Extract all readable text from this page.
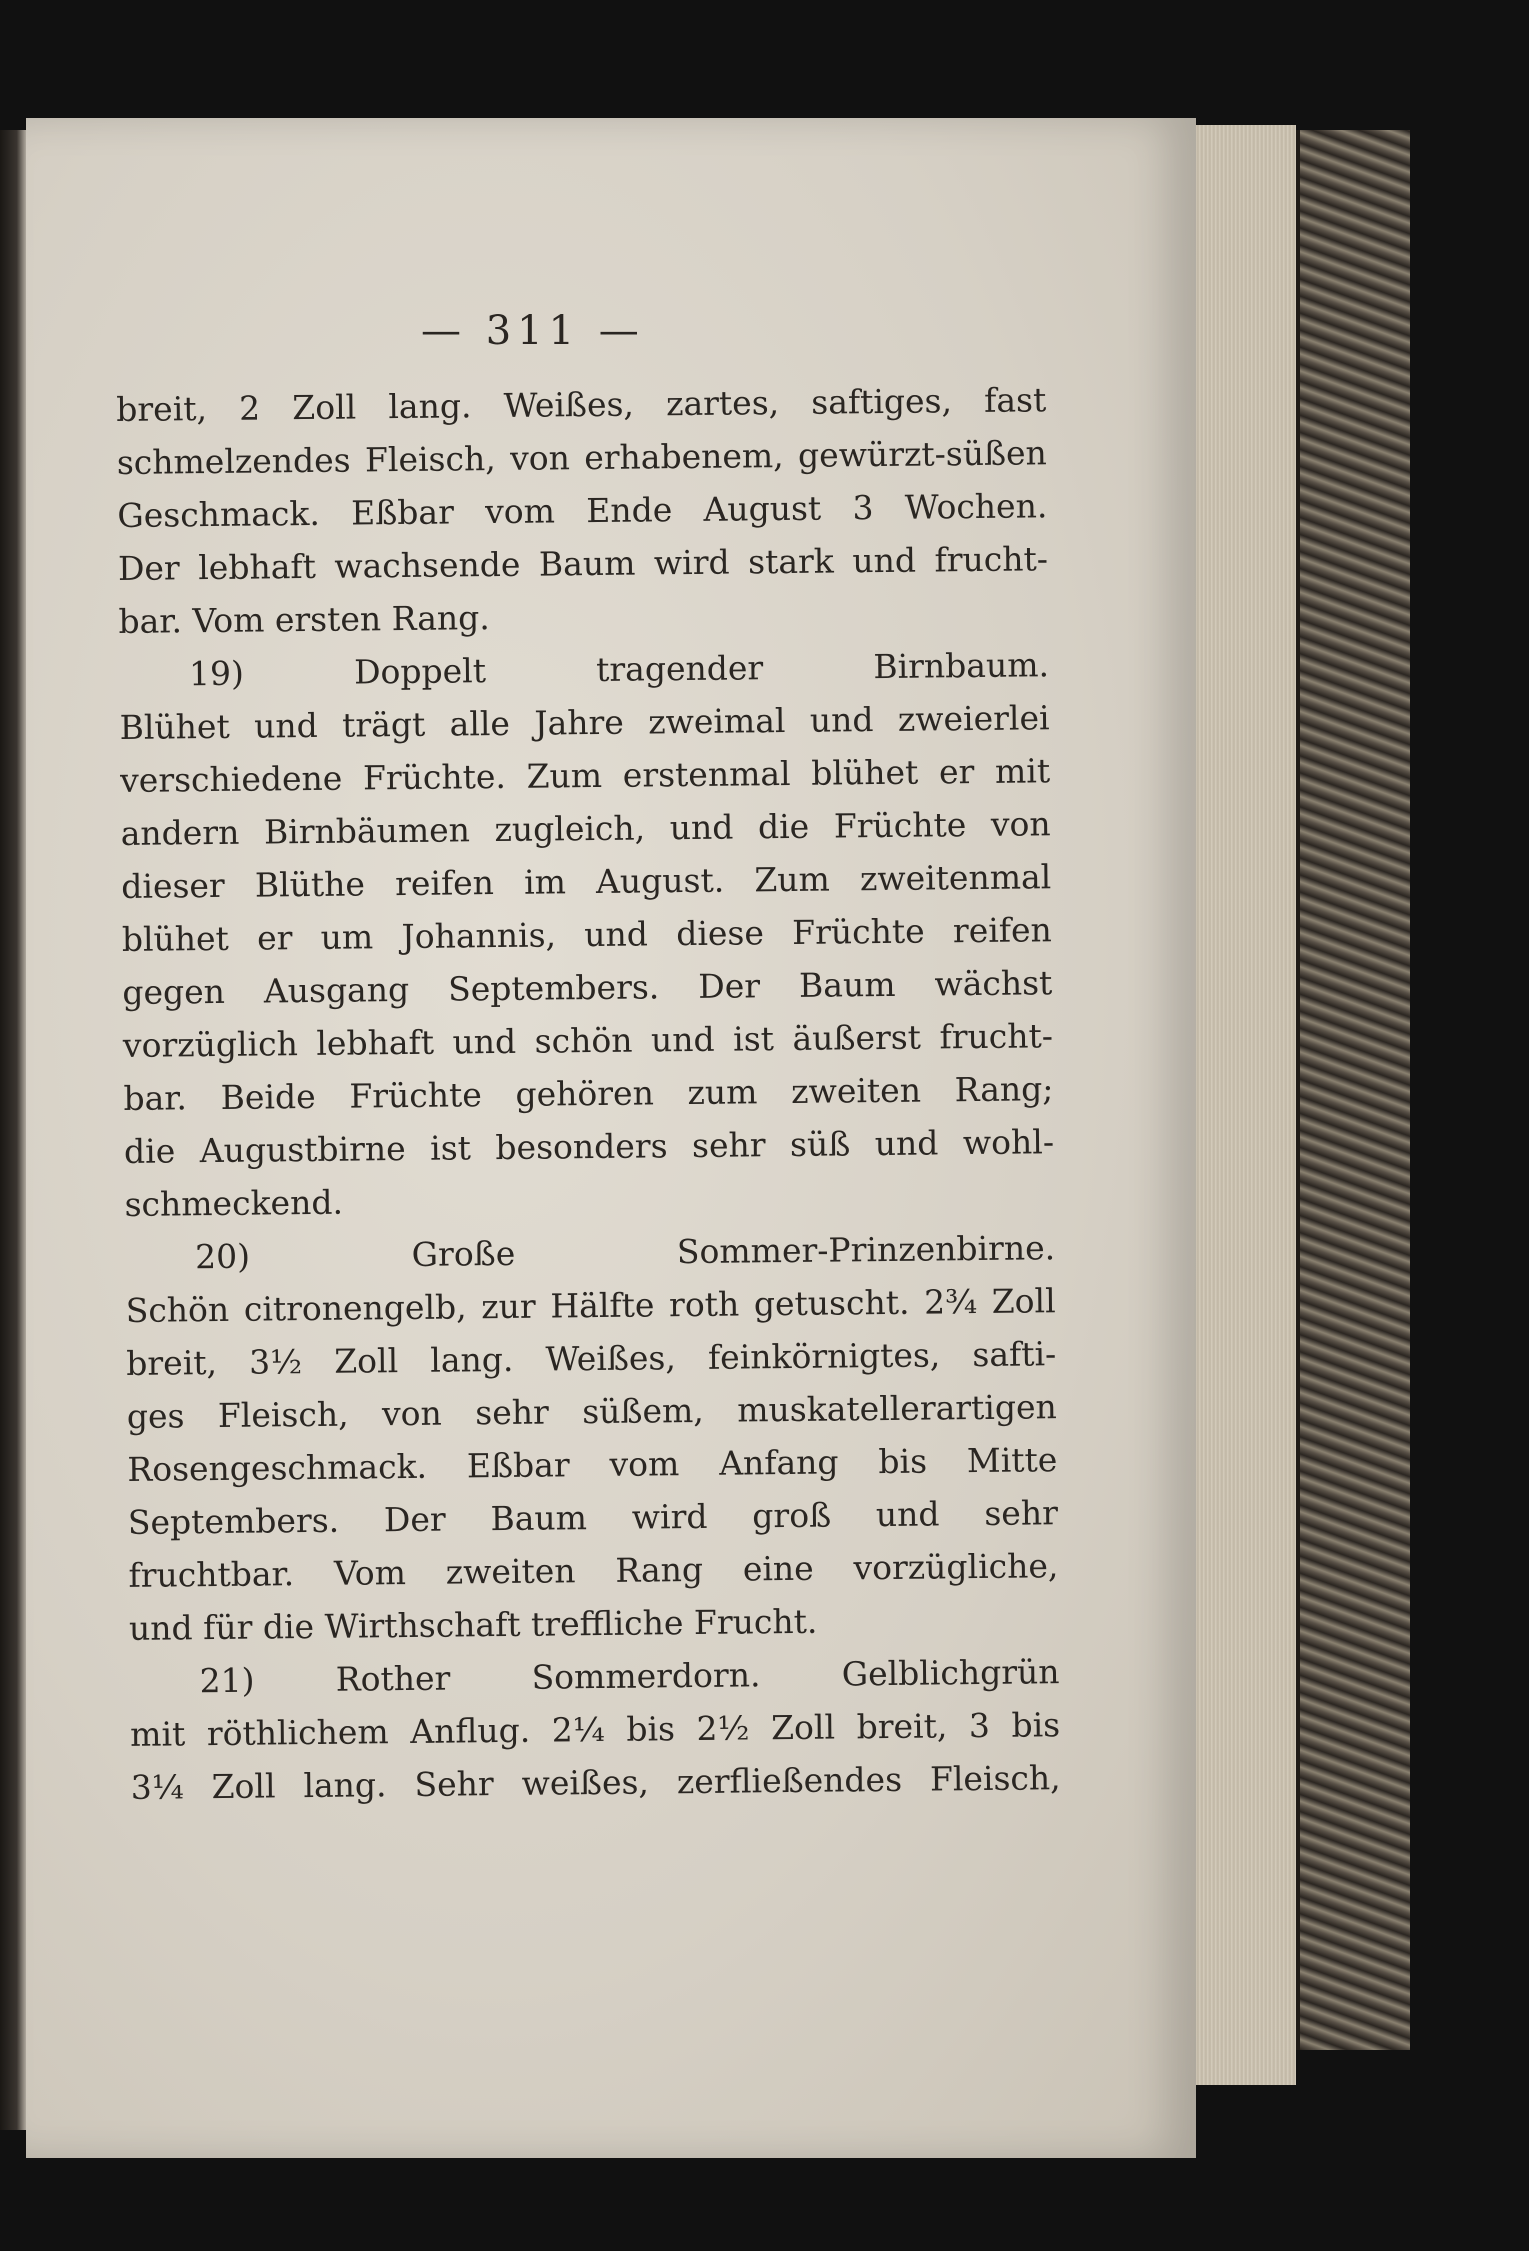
— 311 —
breit, 2 Zoll lang. Weißes, zartes, saftiges, fast
schmelzendes Fleisch, von erhabenem, gewürzt-süßen
Geschmack. Eßbar vom Ende August 3 Wochen.
Der lebhaft wachsende Baum wird stark und frucht-
bar. Vom ersten Rang.
19) Doppelt tragender Birnbaum.
Blühet und trägt alle Jahre zweimal und zweierlei
verschiedene Früchte. Zum erstenmal blühet er mit
andern Birnbäumen zugleich, und die Früchte von
dieser Blüthe reifen im August. Zum zweitenmal
blühet er um Johannis, und diese Früchte reifen
gegen Ausgang Septembers. Der Baum wächst
vorzüglich lebhaft und schön und ist äußerst frucht-
bar. Beide Früchte gehören zum zweiten Rang;
die Augustbirne ist besonders sehr süß und wohl-
schmeckend.
20) Große Sommer-Prinzenbirne.
Schön citronengelb, zur Hälfte roth getuscht. 2¾ Zoll
breit, 3½ Zoll lang. Weißes, feinkörnigtes, safti-
ges Fleisch, von sehr süßem, muskatellerartigen
Rosengeschmack. Eßbar vom Anfang bis Mitte
Septembers. Der Baum wird groß und sehr
fruchtbar. Vom zweiten Rang eine vorzügliche,
und für die Wirthschaft treffliche Frucht.
21) Rother Sommerdorn. Gelblichgrün
mit röthlichem Anflug. 2¼ bis 2½ Zoll breit, 3 bis
3¼ Zoll lang. Sehr weißes, zerfließendes Fleisch,
